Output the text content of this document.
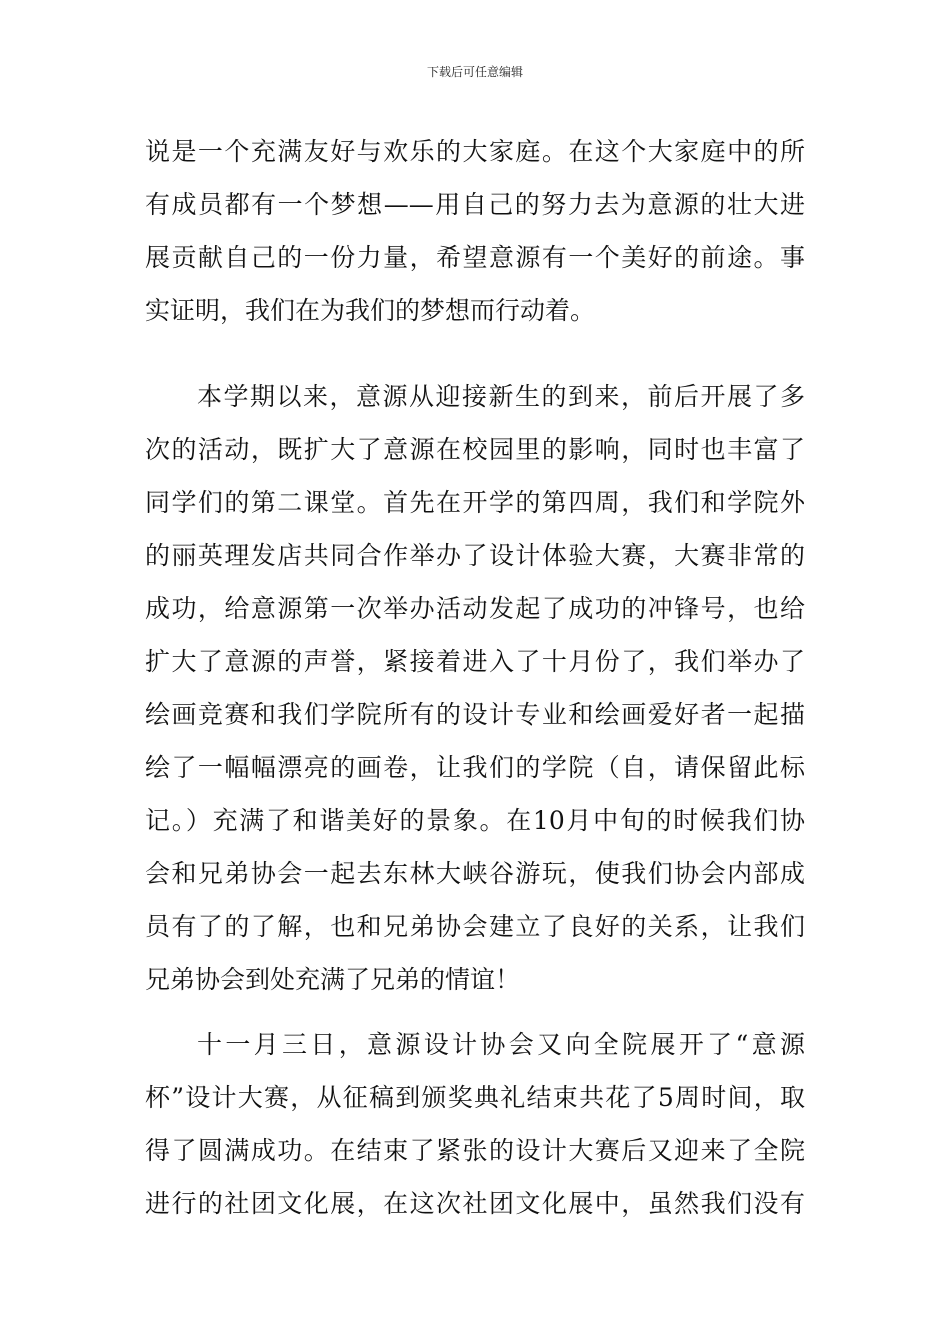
下载后可任意编辑
说是一个充满友好与欢乐的大家庭。在这个大家庭中的所
有成员都有一个梦想——用自己的努力去为意源的壮大进
展贡献自己的一份力量，希望意源有一个美好的前途。事
实证明，我们在为我们的梦想而行动着。
本学期以来，意源从迎接新生的到来，前后开展了多
次的活动，既扩大了意源在校园里的影响，同时也丰富了
同学们的第二课堂。首先在开学的第四周，我们和学院外
的丽英理发店共同合作举办了设计体验大赛，大赛非常的
成功，给意源第一次举办活动发起了成功的冲锋号，也给
扩大了意源的声誉，紧接着进入了十月份了，我们举办了
绘画竞赛和我们学院所有的设计专业和绘画爱好者一起描
绘了一幅幅漂亮的画卷，让我们的学院（自，请保留此标
记。）充满了和谐美好的景象。在10月中旬的时候我们协
会和兄弟协会一起去东林大峡谷游玩，使我们协会内部成
员有了的了解，也和兄弟协会建立了良好的关系，让我们
兄弟协会到处充满了兄弟的情谊！
十一月三日，意源设计协会又向全院展开了“意源
杯”设计大赛，从征稿到颁奖典礼结束共花了5周时间，取
得了圆满成功。在结束了紧张的设计大赛后又迎来了全院
进行的社团文化展，在这次社团文化展中，虽然我们没有
